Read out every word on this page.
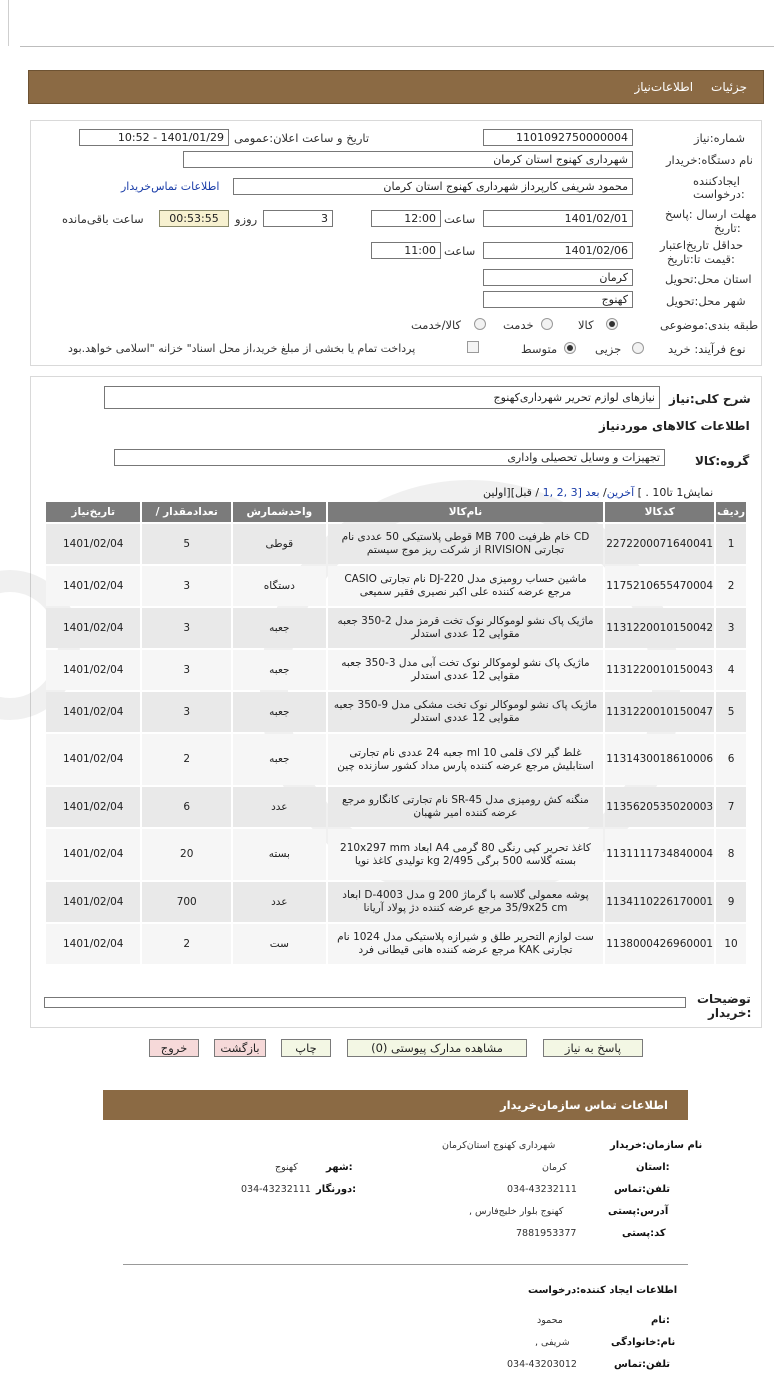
جزئیات
اطلاعات‌نیاز
شماره:نیاز
1101092750000004
تاریخ و ساعت اعلان:عمومی
1401/01/29 - 10:52
نام دستگاه:خریدار
شهرداری کهنوج استان کرمان
ایجادکننده
:درخواست
محمود شریفی کارپرداز شهرداری کهنوج استان کرمان
اطلاعات تماس‌خریدار
مهلت ارسال :پاسخ
:تاریخ
1401/02/01
ساعت
12:00
3
روزو
00:53:55
ساعت باقی‌مانده
حداقل تاریخ‌اعتبار
:قیمت تا:تاریخ
1401/02/06
ساعت
11:00
استان محل:تحویل
کرمان
شهر محل:تحویل
کهنوج
طبقه بندی:موضوعی
کالا
خدمت
کالا/خدمت
نوع فرآیند: خرید
جزیی
متوسط
پرداخت تمام یا بخشی از مبلغ خرید،از محل اسناد" خزانه "اسلامی خواهد.بود
شرح کلی:نیاز
نیازهای لوازم تحریر شهرداری‌کهنوج
اطلاعات کالاهای موردنیاز
گروه:کالا
تجهیزات و وسایل تحصیلی واداری
نمایش1 تا10 . ] آخرین/ بعد [3 ,2 ,1 / قبل][اولین
ردیف	کدکالا	نام‌کالا	واحدشمارش	تعدادمقدار /	تاریخ‌نیاز
1	2272200071640041	CD خام ظرفیت 700 MB قوطی پلاستیکی 50 عددی نام تجارتی RIVISION از شرکت ریز موج سیستم	قوطی	5	1401/02/04
2	1175210655470004	ماشین حساب رومیزی مدل DJ-220 نام تجارتی CASIO مرجع عرضه کننده علی اکبر نصیری فقیر سمیعی	دستگاه	3	1401/02/04
3	1131220010150042	ماژیک پاک نشو لوموکالر نوک تخت قرمز مدل 2-350 جعبه مقوایی 12 عددی استدلر	جعبه	3	1401/02/04
4	1131220010150043	ماژیک پاک نشو لوموکالر نوک تخت آبی مدل 3-350 جعبه مقوایی 12 عددی استدلر	جعبه	3	1401/02/04
5	1131220010150047	ماژیک پاک نشو لوموکالر نوک تخت مشکی مدل 9-350 جعبه مقوایی 12 عددی استدلر	جعبه	3	1401/02/04
6	1131430018610006	غلط گیر لاک قلمی 10 ml جعبه 24 عددی نام تجارتی استابلیش مرجع عرضه کننده پارس مداد کشور سازنده چین	جعبه	2	1401/02/04
7	1135620535020003	منگنه کش رومیزی مدل SR-45 نام تجارتی کانگارو مرجع عرضه کننده امیر شهبان	عدد	6	1401/02/04
8	1131111734840004	کاغذ تحریر کپی رنگی 80 گرمی A4 ابعاد 210x297 mm بسته گلاسه 500 برگی 2/495 kg تولیدی کاغذ نویا	بسته	20	1401/02/04
9	1134110226170001	پوشه معمولی گلاسه با گرماژ 200 g مدل D-4003 ابعاد 35/9x25 cm مرجع عرضه کننده دژ پولاد آریانا	عدد	700	1401/02/04
10	1138000426960001	ست لوازم التحریر طلق و شیرازه پلاستیکی مدل 1024 نام تجارتی KAK مرجع عرضه کننده هانی قیطانی فرد	ست	2	1401/02/04
توضیحات
:خریدار
پاسخ به نیاز
مشاهده مدارک پیوستی (0)
چاپ
بازگشت
خروج
اطلاعات تماس سازمان‌خریدار
نام سازمان:خریدار
شهرداری کهنوج استان‌کرمان
:استان
کرمان
:شهر
کهنوج
تلفن:تماس
034-43232111
:دورنگار
034-43232111
آدرس:پستی
کهنوج بلوار خلیج‌فارس ,
کد:پستی
7881953377
اطلاعات ایجاد کننده:درخواست
:نام
محمود
نام:خانوادگی
شریفی ,
تلفن:تماس
034-43203012
